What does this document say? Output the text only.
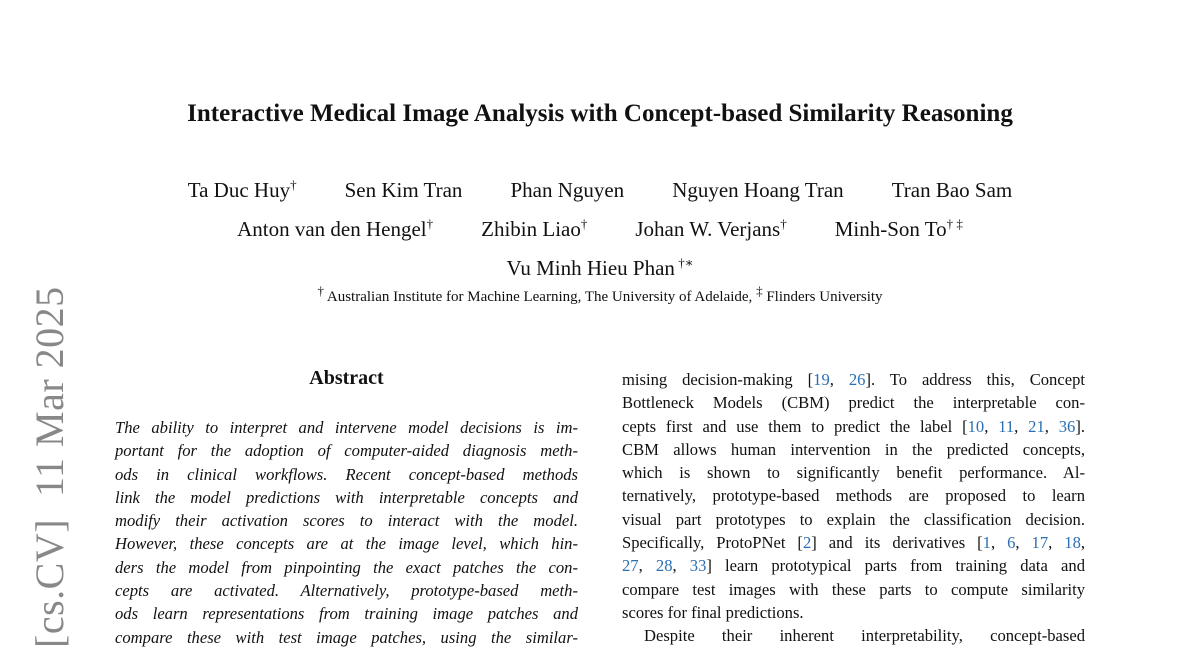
[cs.CV]11 Mar 2025
Interactive Medical Image Analysis with Concept-based Similarity Reasoning
Ta Duc Huy† Sen Kim Tran Phan Nguyen Nguyen Hoang Tran Tran Bao Sam
Anton van den Hengel† Zhibin Liao† Johan W. Verjans† Minh-Son To† ‡
Vu Minh Hieu Phan †∗
† Australian Institute for Machine Learning, The University of Adelaide, ‡ Flinders University
Abstract
The ability to interpret and intervene model decisions is im-
portant for the adoption of computer-aided diagnosis meth-
ods in clinical workflows. Recent concept-based methods
link the model predictions with interpretable concepts and
modify their activation scores to interact with the model.
However, these concepts are at the image level, which hin-
ders the model from pinpointing the exact patches the con-
cepts are activated. Alternatively, prototype-based meth-
ods learn representations from training image patches and
compare these with test image patches, using the similar-
mising decision-making [19, 26]. To address this, Concept
Bottleneck Models (CBM) predict the interpretable con-
cepts first and use them to predict the label [10, 11, 21, 36].
CBM allows human intervention in the predicted concepts,
which is shown to significantly benefit performance. Al-
ternatively, prototype-based methods are proposed to learn
visual part prototypes to explain the classification decision.
Specifically, ProtoPNet [2] and its derivatives [1, 6, 17, 18,
27, 28, 33] learn prototypical parts from training data and
compare test images with these parts to compute similarity
scores for final predictions.
Despite their inherent interpretability, concept-based
